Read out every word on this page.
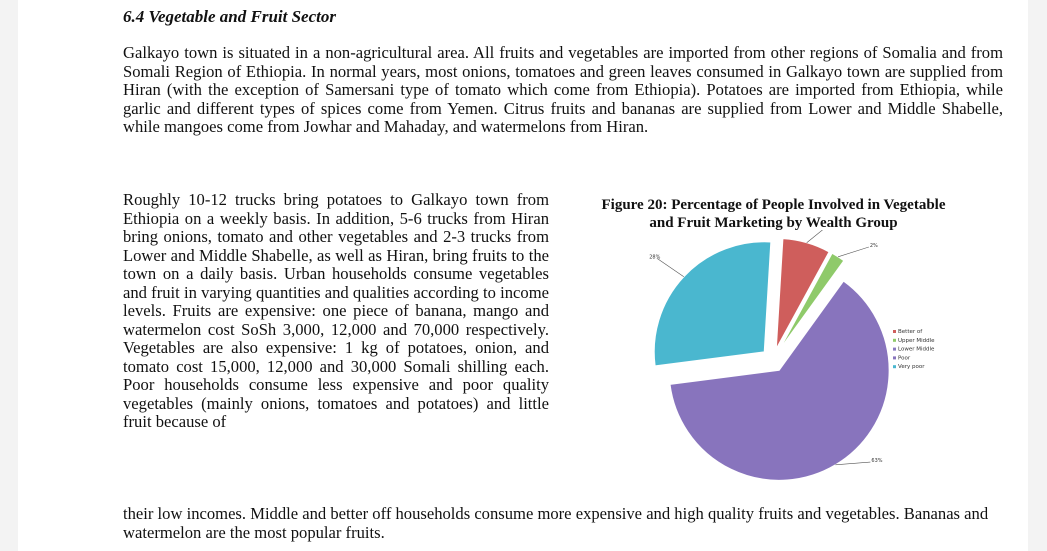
6.4 Vegetable and Fruit Sector

Galkayo town is situated in a non-agricultural area. All fruits and vegetables are imported from other regions of Somalia and from Somali Region of Ethiopia. In normal years, most onions, tomatoes and green leaves consumed in Galkayo town are supplied from Hiran (with the exception of Samersani type of tomato which come from Ethiopia). Potatoes are imported from Ethiopia, while garlic and different types of spices come from Yemen. Citrus fruits and bananas are supplied from Lower and Middle Shabelle, while mangoes come from Jowhar and Mahaday, and watermelons from Hiran.

Roughly 10-12 trucks bring potatoes to Galkayo town from Ethiopia on a weekly basis. In addition, 5-6 trucks from Hiran bring onions, tomato and other vegetables and 2-3 trucks from Lower and Middle Shabelle, as well as Hiran, bring fruits to the town on a daily basis. Urban households consume vegetables and fruit in varying quantities and qualities according to income levels. Fruits are expensive: one piece of banana, mango and watermelon cost SoSh 3,000, 12,000 and 70,000 respectively. Vegetables are also expensive: 1 kg of potatoes, onion, and tomato cost 15,000, 12,000 and 30,000 Somali shilling each. Poor households consume less expensive and poor quality vegetables (mainly onions, tomatoes and potatoes) and little fruit because of

their low incomes. Middle and better off households consume more expensive and high quality fruits and vegetables. Bananas and watermelon are the most popular fruits.

Figure 20: Percentage of People Involved in Vegetable
and Fruit Marketing by Wealth Group
2%
63%
28%
Better of
Upper Middle
Lower Middle
Poor
Very poor
